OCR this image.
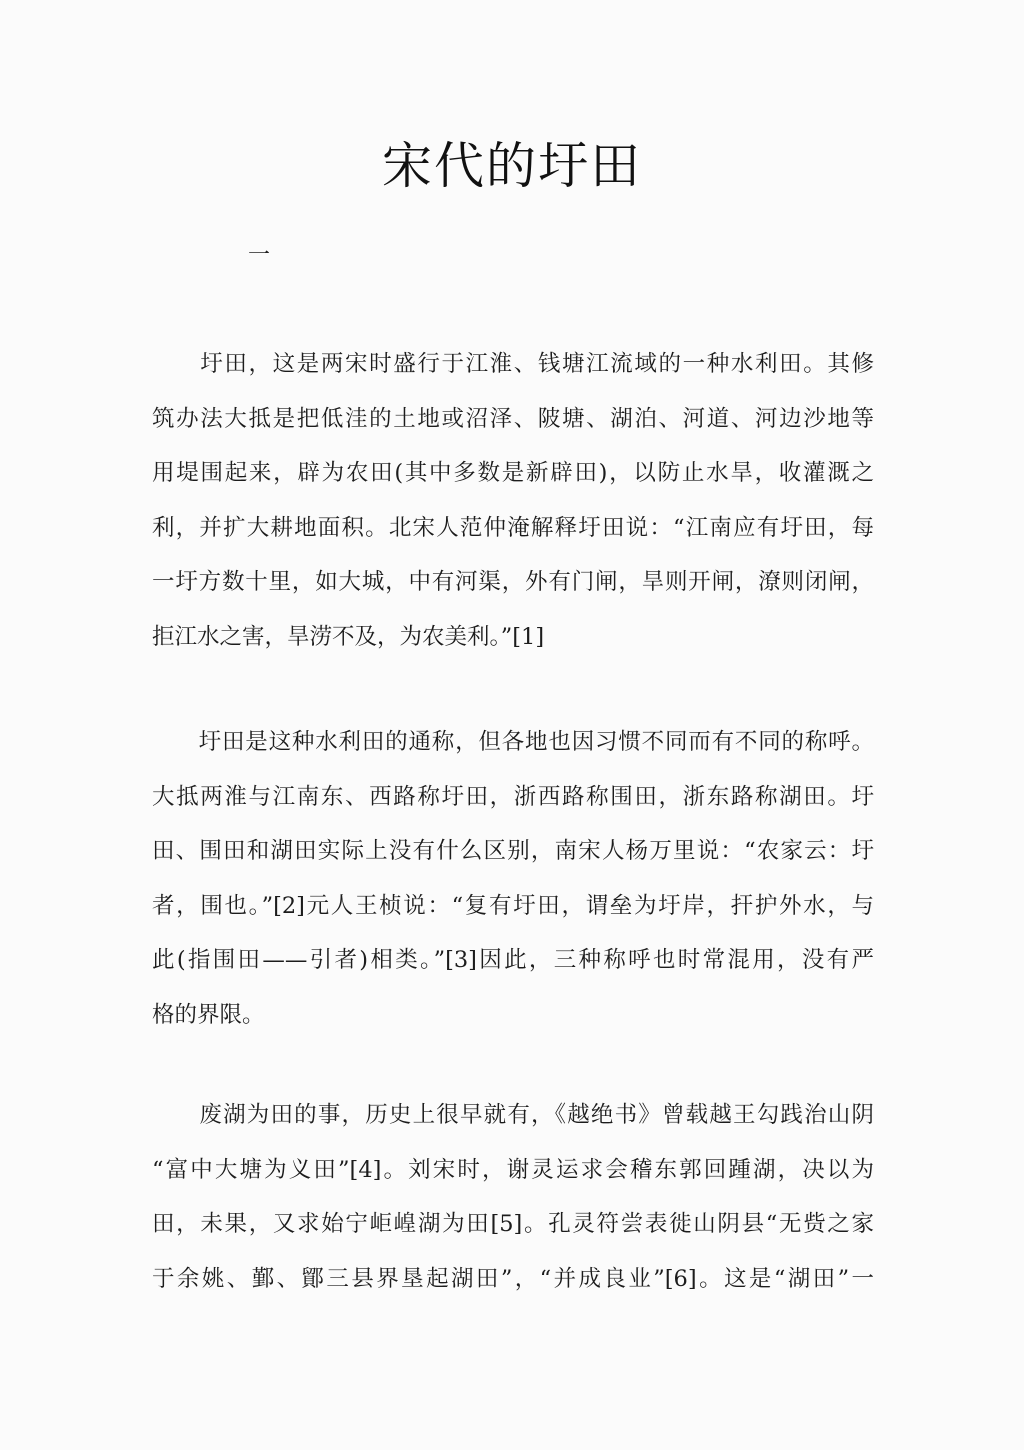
宋代的圩田
一
　　圩田，这是两宋时盛行于江淮、钱塘江流域的一种水利田。其修
筑办法大抵是把低洼的土地或沼泽、陂塘、湖泊、河道、河边沙地等
用堤围起来，辟为农田(其中多数是新辟田)，以防止水旱，收灌溉之
利，并扩大耕地面积。北宋人范仲淹解释圩田说：“江南应有圩田，每
一圩方数十里，如大城，中有河渠，外有门闸，旱则开闸，潦则闭闸，
拒江水之害，旱涝不及，为农美利。”[1]
　　圩田是这种水利田的通称，但各地也因习惯不同而有不同的称呼。
大抵两淮与江南东、西路称圩田，浙西路称围田，浙东路称湖田。圩
田、围田和湖田实际上没有什么区别，南宋人杨万里说：“农家云：圩
者，围也。”[2]元人王桢说：“复有圩田，谓垒为圩岸，扞护外水，与
此(指围田——引者)相类。”[3]因此，三种称呼也时常混用，没有严
格的界限。
　　废湖为田的事，历史上很早就有，《越绝书》曾载越王勾践治山阴
“富中大塘为义田”[4]。刘宋时，谢灵运求会稽东郭回踵湖，决以为
田，未果，又求始宁岠崲湖为田[5]。孔灵符尝表徙山阴县“无赀之家
于余姚、鄞、鄮三县界垦起湖田”，“并成良业”[6]。这是“湖田”一
